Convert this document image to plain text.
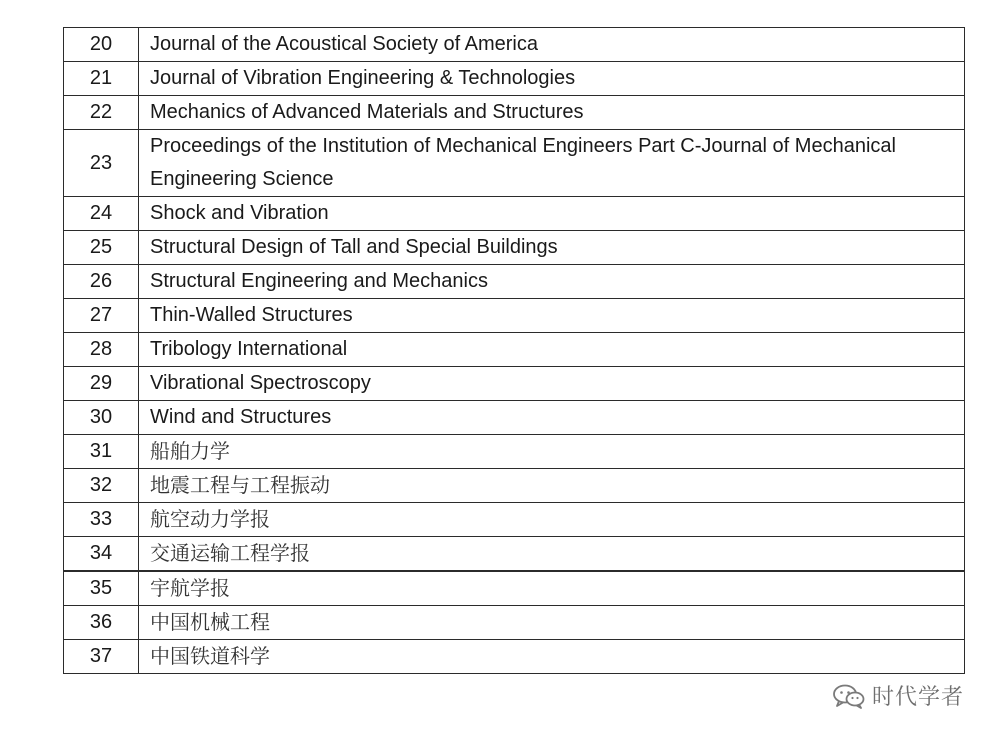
20	Journal of the Acoustical Society of America
21	Journal of Vibration Engineering & Technologies
22	Mechanics of Advanced Materials and Structures
23	Proceedings of the Institution of Mechanical Engineers Part C-Journal of Mechanical Engineering Science
24	Shock and Vibration
25	Structural Design of Tall and Special Buildings
26	Structural Engineering and Mechanics
27	Thin-Walled Structures
28	Tribology International
29	Vibrational Spectroscopy
30	Wind and Structures
31	船舶力学
32	地震工程与工程振动
33	航空动力学报
34	交通运输工程学报
35	宇航学报
36	中国机械工程
37	中国铁道科学
时代学者
